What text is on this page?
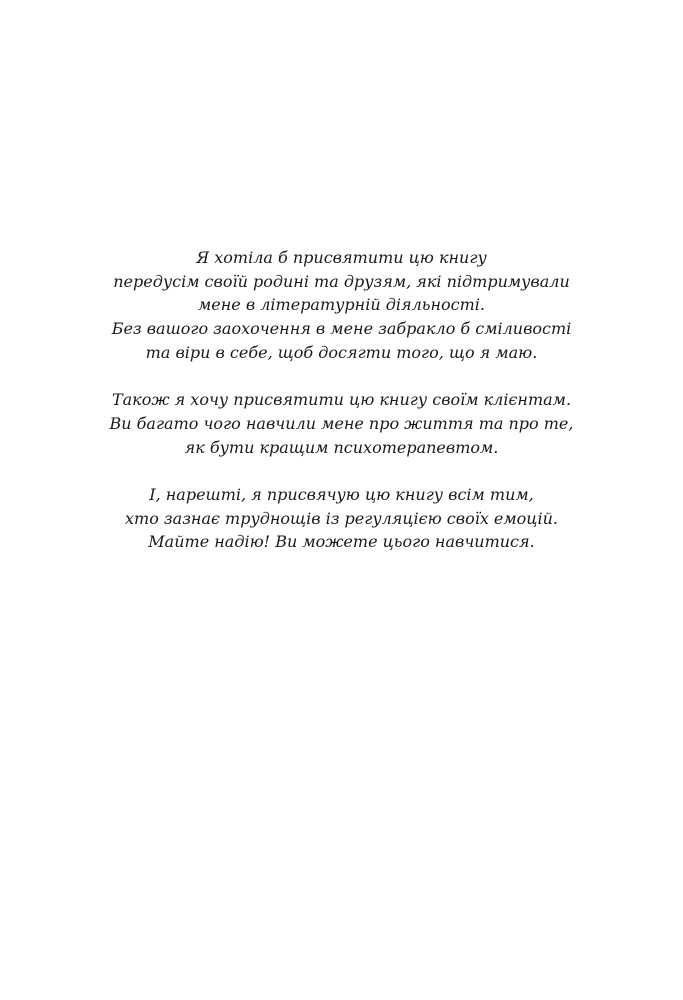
Я хотіла б присвятити цю книгу
передусім своїй родині та друзям, які підтримували
мене в літературній діяльності.
Без вашого заохочення в мене забракло б сміливості
та віри в себе, щоб досягти того, що я маю.

Також я хочу присвятити цю книгу своїм клієнтам.
Ви багато чого навчили мене про життя та про те,
як бути кращим психотерапевтом.

І, нарешті, я присвячую цю книгу всім тим,
хто зазнає труднощів із регуляцією своїх емоцій.
Майте надію! Ви можете цього навчитися.
